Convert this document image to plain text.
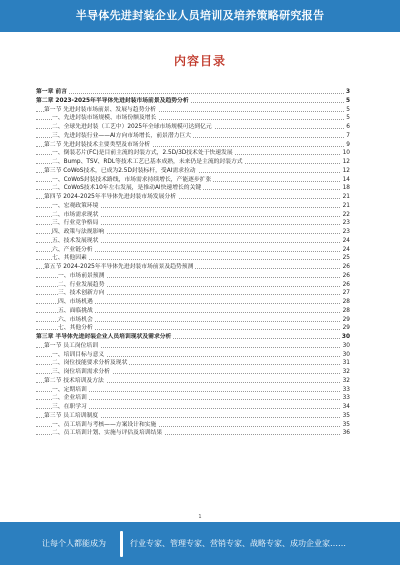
半导体先进封装企业人员培训及培养策略研究报告
内容目录
第一章 前言	3
第二章 2023-2025年半导体先进封装市场前景及趋势分析	5
第一节 先进封装市场前景、发展与趋势分析	5
一、先进封装市场规模、市场份额及增长	5
二、全球先进封装（工艺中）2025年全球市场规模可达到亿元	6
三、先进封装行业——AI方向市场增长，前景潜力巨大	7
第二节 先进封装技术主要类型及市场分析	9
一、倒装芯片(FC)是目前主流的封装方式，2.5D/3D技术处于快速发展	10
二、Bump、TSV、RDL等技术工艺已基本成熟，未来仍是主流的封装方式	12
第三节 CoWoS技术，已成为2.5D封装标杆，受AI需求拉动	12
一、CoWoS封装技术路线，市场需求持续增长，产能逐步扩张	14
二、CoWoS技术10年左右发展，是推动AI快速增长的关键	18
第四节 2024-2025年半导体先进封装市场发展分析	21
一、宏观政策环境	21
二、市场需求现状	22
三、行业竞争格局	23
四、政策与法规影响	23
五、技术发展现状	24
六、产业链分析	24
七、其他因素	25
第五节 2024-2025年半导体先进封装市场前景及趋势预测	26
一、市场前景预测	26
二、行业发展趋势	26
三、技术创新方向	27
四、市场机遇	28
五、面临挑战	28
六、市场机会	29
七、其他分析	29
第三章 半导体先进封装企业人员培训现状及需求分析	30
第一节 员工岗位培训	30
一、培训目标与意义	30
二、岗位技能要求分析及现状	31
三、岗位培训需求分析	32
第二节 技术培训及方法	32
一、定期培训	33
二、企业培训	33
三、在职学习	34
第三节 员工培训制度	35
一、员工培训与考核——方案设计和实施	35
二、员工培训计划、实施与评估及培训结果	36
1
让每个人都能成为	行业专家、管理专家、营销专家、战略专家、成功企业家……
